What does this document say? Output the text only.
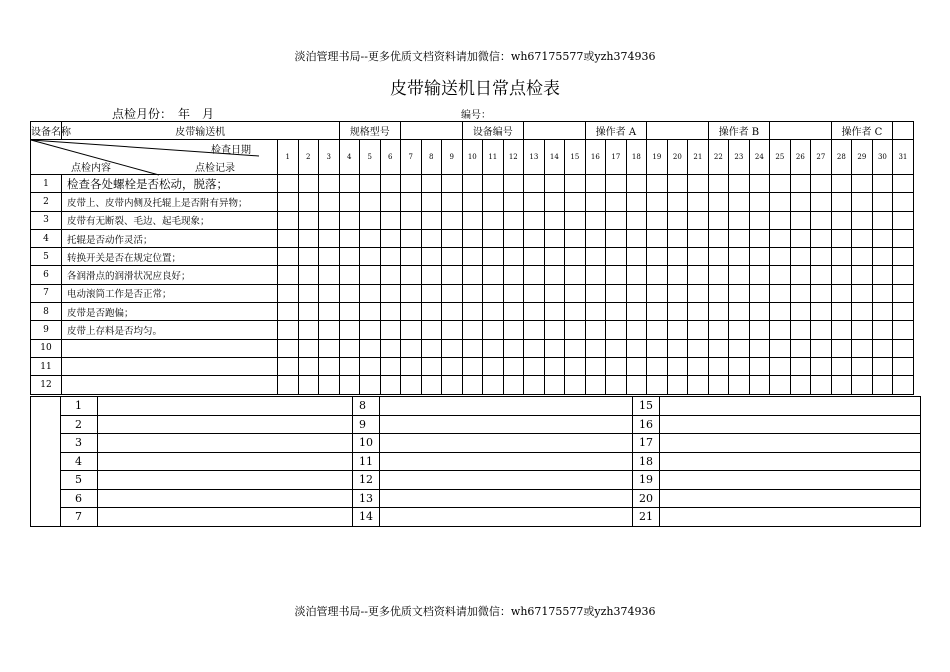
淡泊管理书局--更多优质文档资料请加微信：wh67175577或yzh374936
皮带输送机日常点检表
点检月份：　年　月	编号：
设备名称	皮带输送机				规格型号						设备编号						操作者 A						操作者 B						操作者 C			

检查日期
点检内容 点检记录		1	2	3	4	5	6	7	8	9	10	11	12	13	14	15	16	17	18	19	20	21	22	23	24	25	26	27	28	29	30	31	
1	检查各处螺栓是否松动，脱落；																																
2	皮带上、皮带内侧及托辊上是否附有异物；																																
3	皮带有无断裂、毛边、起毛现象；																																
4	托辊是否动作灵活；																																
5	转换开关是否在规定位置；																																
6	各润滑点的润滑状况应良好；																																
7	电动滚筒工作是否正常；																																
8	皮带是否跑偏；																																
9	皮带上存料是否均匀。																																
10																																	
11																																	
12																																	
	1		8		15	
	2		9		16	
	3		10		17	
	4		11		18	
	5		12		19	
	6		13		20	
	7		14		21	
淡泊管理书局--更多优质文档资料请加微信：wh67175577或yzh374936
